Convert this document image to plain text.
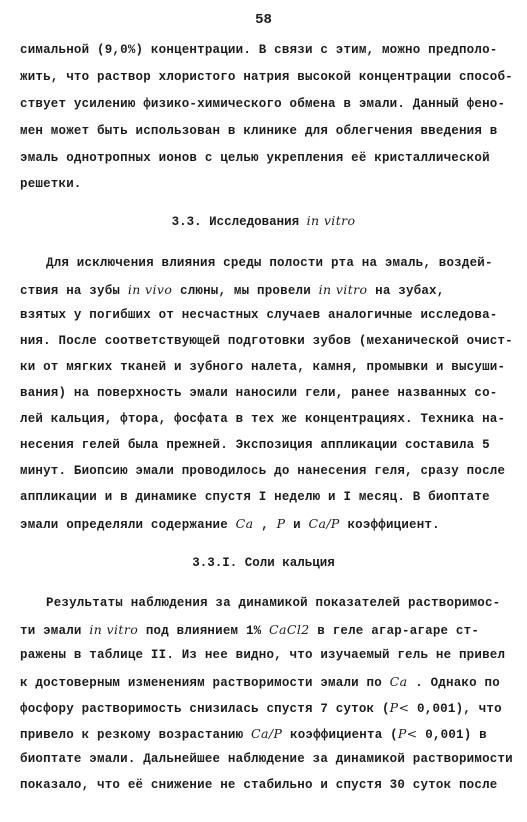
58
симальной (9,0%) концентрации. В связи с этим, можно предполо-
жить, что раствор хлористого натрия высокой концентрации способ-
ствует усилению физико-химического обмена в эмали. Данный фено-
мен может быть использован в клинике для облегчения введения в
эмаль однотропных ионов с целью укрепления её кристаллической
решетки.
3.3. Исследования in vitro
Для исключения влияния среды полости рта на эмаль, воздей-
ствия на зубы in vivo слюны, мы провели in vitro на зубах,
взятых у погибших от несчастных случаев аналогичные исследова-
ния. После соответствующей подготовки зубов (механической очист-
ки от мягких тканей и зубного налета, камня, промывки и высуши-
вания) на поверхность эмали наносили гели, ранее названных со-
лей кальция, фтора, фосфата в тех же концентрациях. Техника на-
несения гелей была прежней. Экспозиция аппликации составила 5
минут. Биопсию эмали проводилось до нанесения геля, сразу после
аппликации и в динамике спустя I неделю и I месяц. В биоптате
эмали определяли содержание Ca , P и Ca/P коэффициент.
3.3.I. Соли кальция
Результаты наблюдения за динамикой показателей растворимос-
ти эмали in vitro под влиянием 1% CaCl2 в геле агар-агаре ст-
ражены в таблице II. Из нее видно, что изучаемый гель не привел
к достоверным изменениям растворимости эмали по Ca . Однако по
фосфору растворимость снизилась спустя 7 суток (P< 0,001), что
привело к резкому возрастанию Ca/P коэффициента (P< 0,001) в
биоптате эмали. Дальнейшее наблюдение за динамикой растворимости
показало, что её снижение не стабильно и спустя 30 суток после
